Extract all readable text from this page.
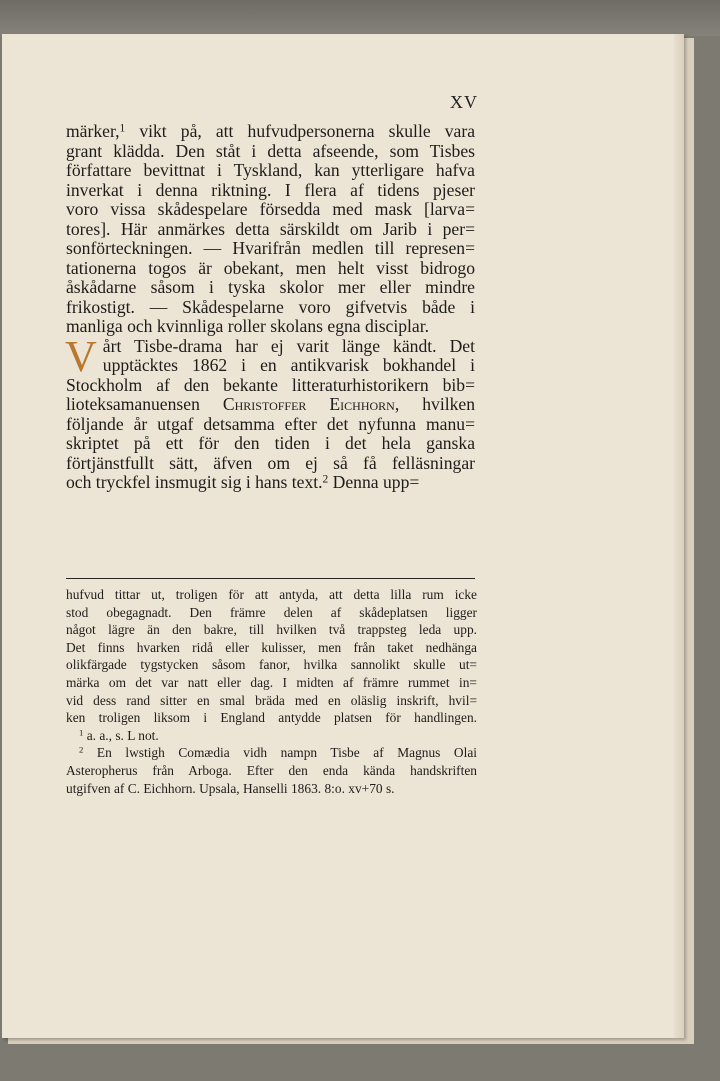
XV
märker,$^1$ vikt på, att hufvudpersonerna skulle vara
grant klädda. Den ståt i detta afseende, som Tisbes
författare bevittnat i Tyskland, kan ytterligare hafva
inverkat i denna riktning. I flera af tidens pjeser
voro vissa skådespelare försedda med mask [larva=
tores]. Här anmärkes detta särskildt om Jarib i per=
sonförteckningen. — Hvarifrån medlen till represen=
tationerna togos är obekant, men helt visst bidrogo
åskådarne såsom i tyska skolor mer eller mindre
frikostigt. — Skådespelarne voro gifvetvis både i
manliga och kvinnliga roller skolans egna disciplar.
V årt Tisbe-drama har ej varit länge kändt. Det
upptäcktes 1862 i en antikvarisk bokhandel i
Stockholm af den bekante litteraturhistorikern bib=
lioteksamanuensen Christoffer Eichhorn, hvilken
följande år utgaf detsamma efter det nyfunna manu=
skriptet på ett för den tiden i det hela ganska
förtjänstfullt sätt, äfven om ej så få felläsningar
och tryckfel insmugit sig i hans text.$^2$ Denna upp=
hufvud tittar ut, troligen för att antyda, att detta lilla rum icke
stod obegagnadt. Den främre delen af skådeplatsen ligger
något lägre än den bakre, till hvilken två trappsteg leda upp.
Det finns hvarken ridå eller kulisser, men från taket nedhänga
olikfärgade tygstycken såsom fanor, hvilka sannolikt skulle ut=
märka om det var natt eller dag. I midten af främre rummet in=
vid dess rand sitter en smal bräda med en oläslig inskrift, hvil=
ken troligen liksom i England antydde platsen för handlingen.
$^1$ a. a., s. L not.
$^2$ En lwstigh Comædia vidh nampn Tisbe af Magnus Olai
Asteropherus från Arboga. Efter den enda kända handskriften
utgifven af C. Eichhorn. Upsala, Hanselli 1863. 8:o. xv+70 s.
